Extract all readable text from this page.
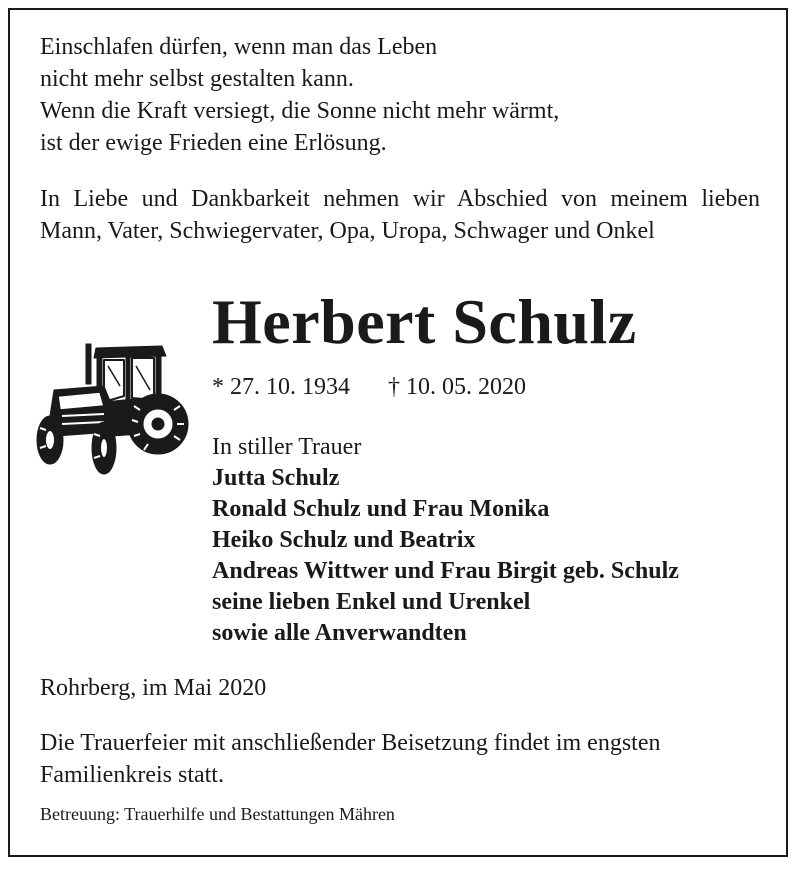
Einschlafen dürfen, wenn man das Leben
nicht mehr selbst gestalten kann.
Wenn die Kraft versiegt, die Sonne nicht mehr wärmt,
ist der ewige Frieden eine Erlösung.
In Liebe und Dankbarkeit nehmen wir Abschied von meinem lieben Mann, Vater, Schwiegervater, Opa, Uropa, Schwager und Onkel
Herbert Schulz
* 27. 10. 1934 † 10. 05. 2020
In stiller Trauer
Jutta Schulz
Ronald Schulz und Frau Monika
Heiko Schulz und Beatrix
Andreas Wittwer und Frau Birgit geb. Schulz
seine lieben Enkel und Urenkel
sowie alle Anverwandten
Rohrberg, im Mai 2020
Die Trauerfeier mit anschließender Beisetzung findet im engsten Familienkreis statt.
Betreuung: Trauerhilfe und Bestattungen Mähren
